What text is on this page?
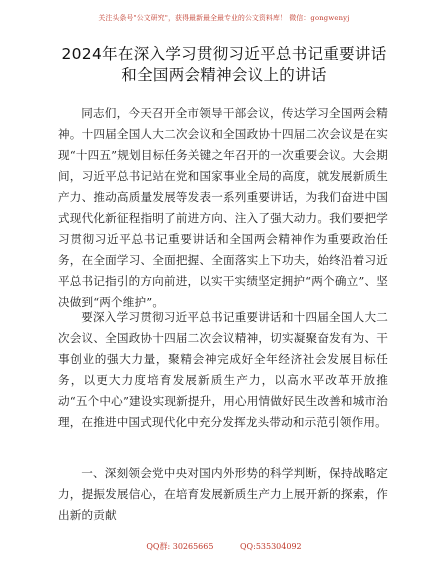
关注头条号"公文研究"，获得最新最全最专业的公文资料库！ 微信：gongwenyj
2024年在深入学习贯彻习近平总书记重要讲话
和全国两会精神会议上的讲话

同志们，今天召开全市领导干部会议，传达学习全国两会精神。十四届全国人大二次会议和全国政协十四届二次会议是在实现“十四五”规划目标任务关键之年召开的一次重要会议。大会期间，习近平总书记站在党和国家事业全局的高度，就发展新质生产力、推动高质量发展等发表一系列重要讲话，为我们奋进中国式现代化新征程指明了前进方向、注入了强大动力。我们要把学习贯彻习近平总书记重要讲话和全国两会精神作为重要政治任务，在全面学习、全面把握、全面落实上下功夫，始终沿着习近平总书记指引的方向前进，以实干实绩坚定拥护“两个确立”、坚决做到“两个维护”。

要深入学习贯彻习近平总书记重要讲话和十四届全国人大二次会议、全国政协十四届二次会议精神，切实凝聚奋发有为、干事创业的强大力量，聚精会神完成好全年经济社会发展目标任务，以更大力度培育发展新质生产力，以高水平改革开放推动“五个中心”建设实现新提升，用心用情做好民生改善和城市治理，在推进中国式现代化中充分发挥龙头带动和示范引领作用。

一、深刻领会党中央对国内外形势的科学判断，保持战略定力，提振发展信心，在培育发展新质生产力上展开新的探索，作出新的贡献

QQ群: 30265665	QQ:535304092
